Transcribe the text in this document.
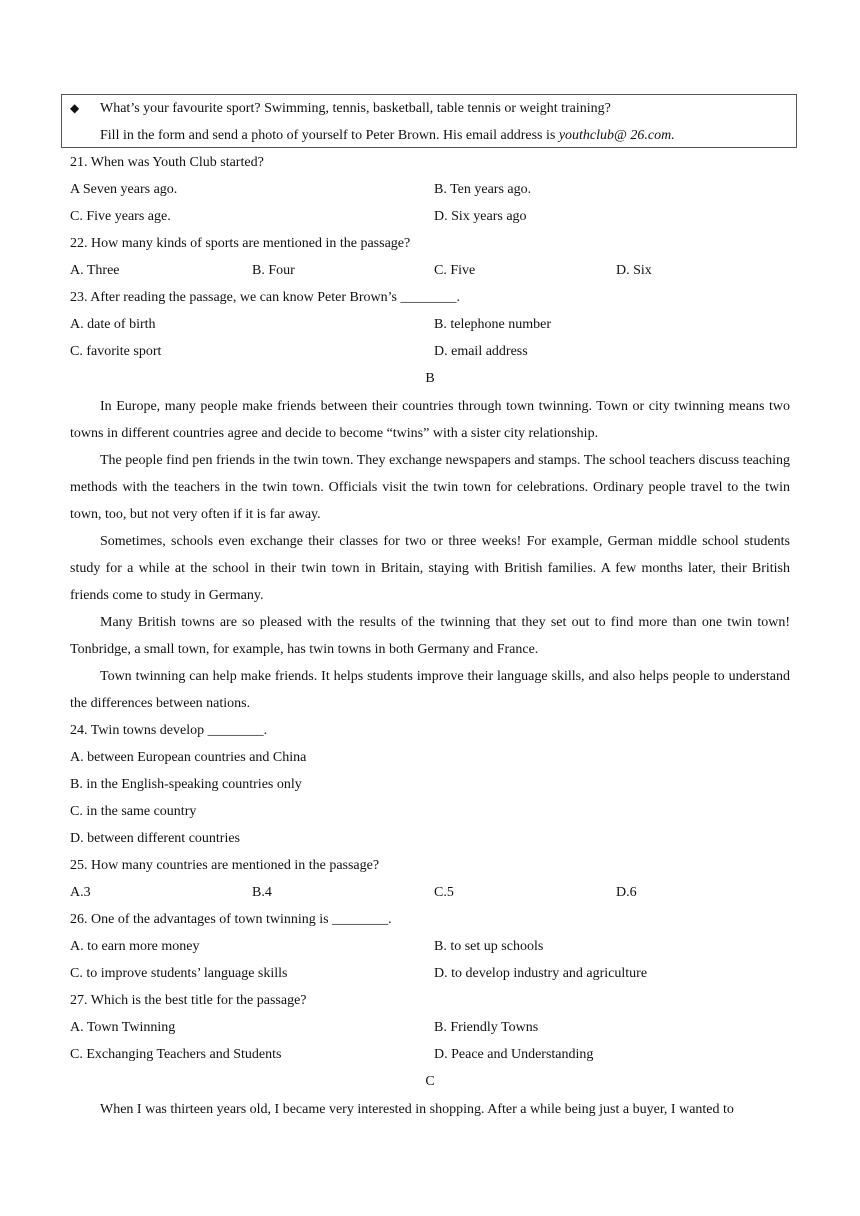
◆ What’s your favourite sport? Swimming, tennis, basketball, table tennis or weight training?
Fill in the form and send a photo of yourself to Peter Brown. His email address is youthclub@ 26.com.
21. When was Youth Club started?
A Seven years ago.	B. Ten years ago.
C. Five years age.	D. Six years ago
22. How many kinds of sports are mentioned in the passage?
A. Three	B. Four	C. Five	D. Six
23. After reading the passage, we can know Peter Brown’s ________.
A. date of birth	B. telephone number
C. favorite sport	D. email address
B
In Europe, many people make friends between their countries through town twinning. Town or city twinning means two towns in different countries agree and decide to become “twins” with a sister city relationship.
The people find pen friends in the twin town. They exchange newspapers and stamps. The school teachers discuss teaching methods with the teachers in the twin town. Officials visit the twin town for celebrations. Ordinary people travel to the twin town, too, but not very often if it is far away.
Sometimes, schools even exchange their classes for two or three weeks! For example, German middle school students study for a while at the school in their twin town in Britain, staying with British families. A few months later, their British friends come to study in Germany.
Many British towns are so pleased with the results of the twinning that they set out to find more than one twin town! Tonbridge, a small town, for example, has twin towns in both Germany and France.
Town twinning can help make friends. It helps students improve their language skills, and also helps people to understand the differences between nations.
24. Twin towns develop ________.
A. between European countries and China
B. in the English-speaking countries only
C. in the same country
D. between different countries
25. How many countries are mentioned in the passage?
A.3	B.4	C.5	D.6
26. One of the advantages of town twinning is ________.
A. to earn more money	B. to set up schools
C. to improve students’ language skills	D. to develop industry and agriculture
27. Which is the best title for the passage?
A. Town Twinning	B. Friendly Towns
C. Exchanging Teachers and Students	D. Peace and Understanding
C
When I was thirteen years old, I became very interested in shopping. After a while being just a buyer, I wanted to
